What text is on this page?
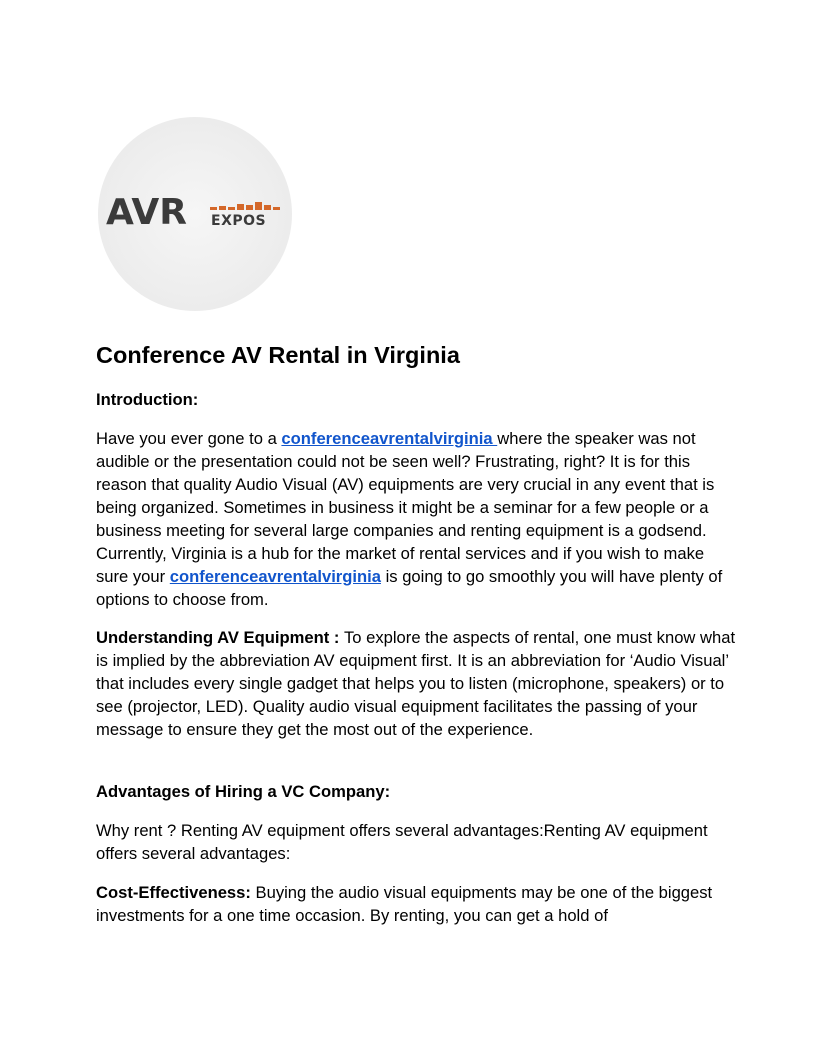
AVR EXPOS
Conference AV Rental in Virginia

Introduction:

Have you ever gone to a conferenceavrentalvirginia where the speaker was not audible or the presentation could not be seen well? Frustrating, right? It is for this reason that quality Audio Visual (AV) equipments are very crucial in any event that is being organized. Sometimes in business it might be a seminar for a few people or a business meeting for several large companies and renting equipment is a godsend. Currently, Virginia is a hub for the market of rental services and if you wish to make sure your conferenceavrentalvirginia is going to go smoothly you will have plenty of options to choose from.

Understanding AV Equipment : To explore the aspects of rental, one must know what is implied by the abbreviation AV equipment first. It is an abbreviation for ‘Audio Visual’ that includes every single gadget that helps you to listen (microphone, speakers) or to see (projector, LED). Quality audio visual equipment facilitates the passing of your message to ensure they get the most out of the experience.

Advantages of Hiring a VC Company:

Why rent ? Renting AV equipment offers several advantages:Renting AV equipment offers several advantages:

Cost-Effectiveness: Buying the audio visual equipments may be one of the biggest investments for a one time occasion. By renting, you can get a hold of
